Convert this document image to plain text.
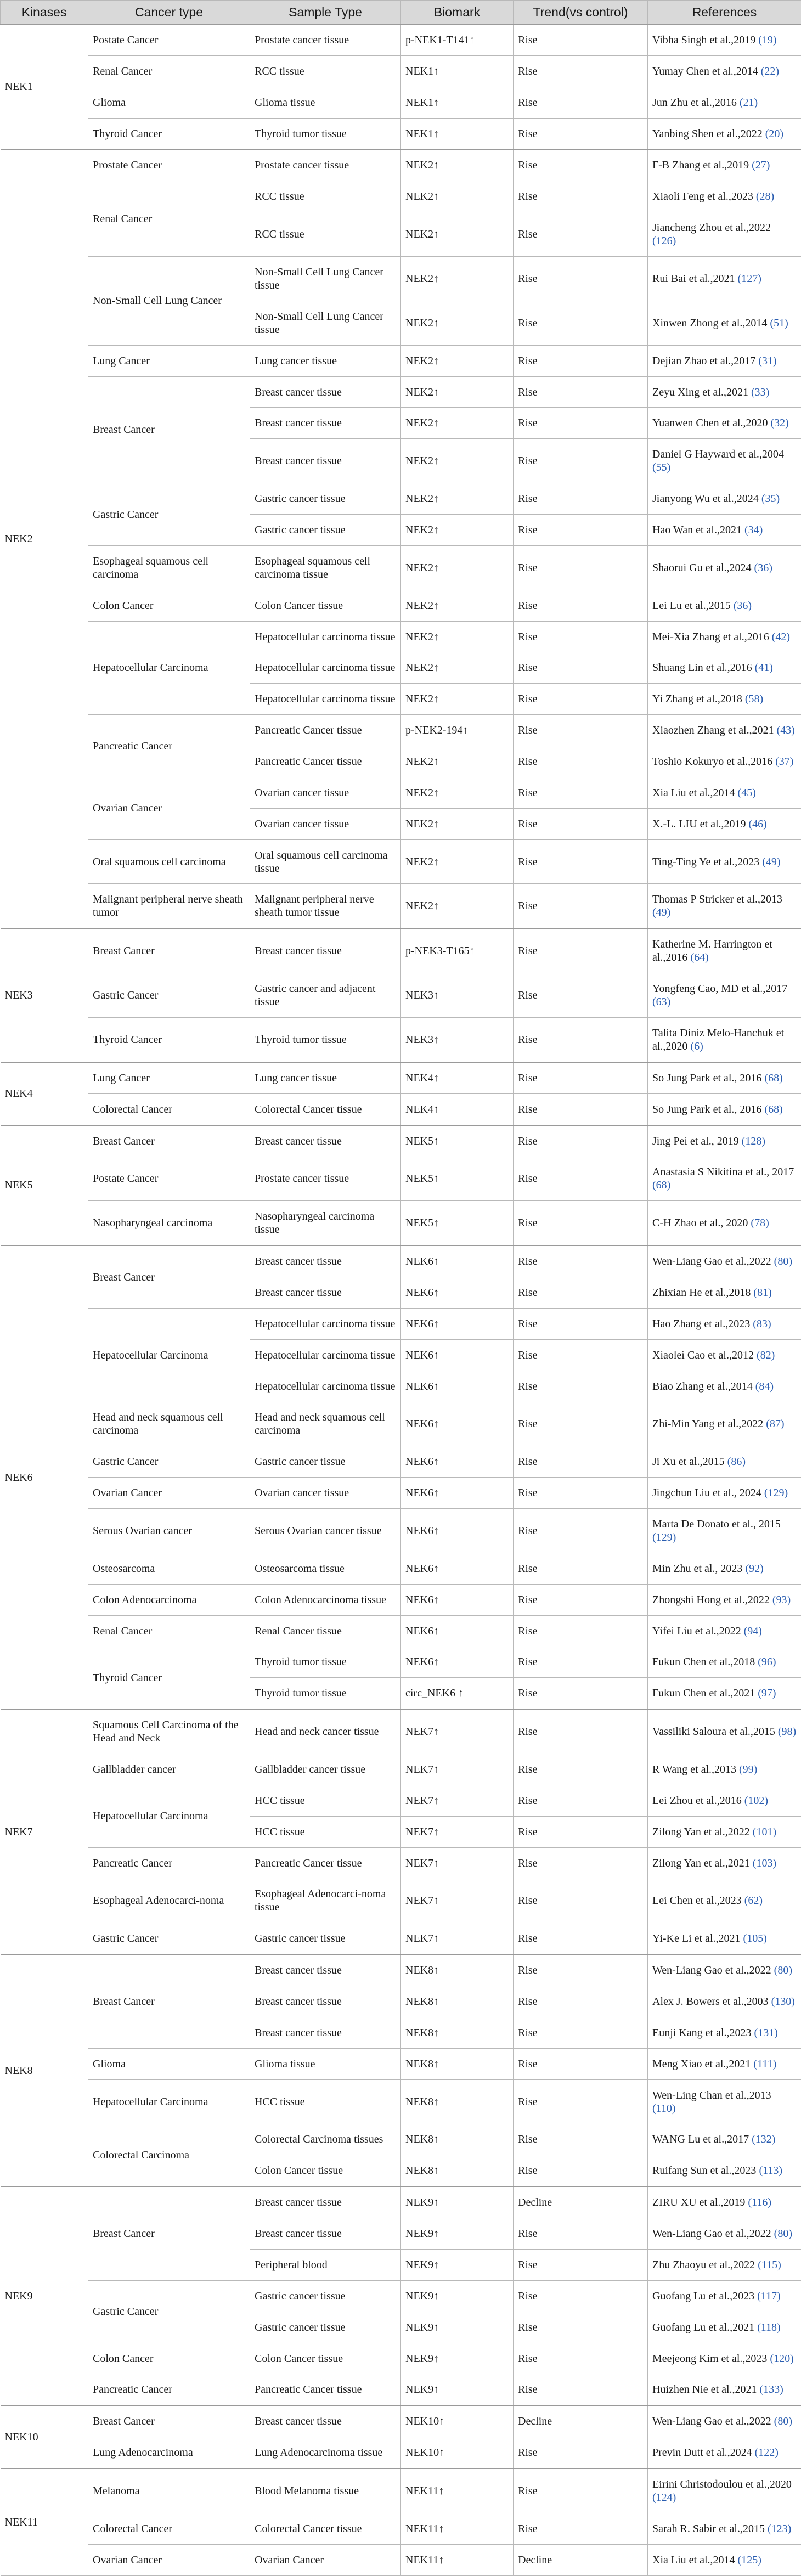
Kinases	Cancer type	Sample Type	Biomark	Trend(vs control)	References
NEK1	Postate Cancer	Prostate cancer tissue	p-NEK1-T141↑	Rise	Vibha Singh et al.,2019 (19)
	Renal Cancer	RCC tissue	NEK1↑	Rise	Yumay Chen et al.,2014 (22)
	Glioma	Glioma tissue	NEK1↑	Rise	Jun Zhu et al.,2016 (21)
	Thyroid Cancer	Thyroid tumor tissue	NEK1↑	Rise	Yanbing Shen et al.,2022 (20)
NEK2	Prostate Cancer	Prostate cancer tissue	NEK2↑	Rise	F-B Zhang et al.,2019 (27)
	Renal Cancer	RCC tissue	NEK2↑	Rise	Xiaoli Feng et al.,2023 (28)
		RCC tissue	NEK2↑	Rise	Jiancheng Zhou et al.,2022 (126)
	Non-Small Cell Lung Cancer	Non-Small Cell Lung Cancer tissue	NEK2↑	Rise	Rui Bai et al.,2021 (127)
		Non-Small Cell Lung Cancer tissue	NEK2↑	Rise	Xinwen Zhong et al.,2014 (51)
	Lung Cancer	Lung cancer tissue	NEK2↑	Rise	Dejian Zhao et al.,2017 (31)
	Breast Cancer	Breast cancer tissue	NEK2↑	Rise	Zeyu Xing et al.,2021 (33)
		Breast cancer tissue	NEK2↑	Rise	Yuanwen Chen et al.,2020 (32)
		Breast cancer tissue	NEK2↑	Rise	Daniel G Hayward et al.,2004 (55)
	Gastric Cancer	Gastric cancer tissue	NEK2↑	Rise	Jianyong Wu et al.,2024 (35)
		Gastric cancer tissue	NEK2↑	Rise	Hao Wan et al.,2021 (34)
	Esophageal squamous cell carcinoma	Esophageal squamous cell carcinoma tissue	NEK2↑	Rise	Shaorui Gu et al.,2024 (36)
	Colon Cancer	Colon Cancer tissue	NEK2↑	Rise	Lei Lu et al.,2015 (36)
	Hepatocellular Carcinoma	Hepatocellular carcinoma tissue	NEK2↑	Rise	Mei-Xia Zhang et al.,2016 (42)
		Hepatocellular carcinoma tissue	NEK2↑	Rise	Shuang Lin et al.,2016 (41)
		Hepatocellular carcinoma tissue	NEK2↑	Rise	Yi Zhang et al.,2018 (58)
	Pancreatic Cancer	Pancreatic Cancer tissue	p-NEK2-194↑	Rise	Xiaozhen Zhang et al.,2021 (43)
		Pancreatic Cancer tissue	NEK2↑	Rise	Toshio Kokuryo et al.,2016 (37)
	Ovarian Cancer	Ovarian cancer tissue	NEK2↑	Rise	Xia Liu et al.,2014 (45)
		Ovarian cancer tissue	NEK2↑	Rise	X.-L. LIU et al.,2019 (46)
	Oral squamous cell carcinoma	Oral squamous cell carcinoma tissue	NEK2↑	Rise	Ting-Ting Ye et al.,2023 (49)
	Malignant peripheral nerve sheath tumor	Malignant peripheral nerve sheath tumor tissue	NEK2↑	Rise	Thomas P Stricker et al.,2013 (49)
NEK3	Breast Cancer	Breast cancer tissue	p-NEK3-T165↑	Rise	Katherine M. Harrington et al.,2016 (64)
	Gastric Cancer	Gastric cancer and adjacent tissue	NEK3↑	Rise	Yongfeng Cao, MD et al.,2017 (63)
	Thyroid Cancer	Thyroid tumor tissue	NEK3↑	Rise	Talita Diniz Melo-Hanchuk et al.,2020 (6)
NEK4	Lung Cancer	Lung cancer tissue	NEK4↑	Rise	So Jung Park et al., 2016 (68)
	Colorectal Cancer	Colorectal Cancer tissue	NEK4↑	Rise	So Jung Park et al., 2016 (68)
NEK5	Breast Cancer	Breast cancer tissue	NEK5↑	Rise	Jing Pei et al., 2019 (128)
	Postate Cancer	Prostate cancer tissue	NEK5↑	Rise	Anastasia S Nikitina et al., 2017 (68)
	Nasopharyngeal carcinoma	Nasopharyngeal carcinoma tissue	NEK5↑	Rise	C-H Zhao et al., 2020 (78)
NEK6	Breast Cancer	Breast cancer tissue	NEK6↑	Rise	Wen-Liang Gao et al.,2022 (80)
		Breast cancer tissue	NEK6↑	Rise	Zhixian He et al.,2018 (81)
	Hepatocellular Carcinoma	Hepatocellular carcinoma tissue	NEK6↑	Rise	Hao Zhang et al.,2023 (83)
		Hepatocellular carcinoma tissue	NEK6↑	Rise	Xiaolei Cao et al.,2012 (82)
		Hepatocellular carcinoma tissue	NEK6↑	Rise	Biao Zhang et al.,2014 (84)
	Head and neck squamous cell carcinoma	Head and neck squamous cell carcinoma	NEK6↑	Rise	Zhi-Min Yang et al.,2022 (87)
	Gastric Cancer	Gastric cancer tissue	NEK6↑	Rise	Ji Xu et al.,2015 (86)
	Ovarian Cancer	Ovarian cancer tissue	NEK6↑	Rise	Jingchun Liu et al., 2024 (129)
	Serous Ovarian cancer	Serous Ovarian cancer tissue	NEK6↑	Rise	Marta De Donato et al., 2015 (129)
	Osteosarcoma	Osteosarcoma tissue	NEK6↑	Rise	Min Zhu et al., 2023 (92)
	Colon Adenocarcinoma	Colon Adenocarcinoma tissue	NEK6↑	Rise	Zhongshi Hong et al.,2022 (93)
	Renal Cancer	Renal Cancer tissue	NEK6↑	Rise	Yifei Liu et al.,2022 (94)
	Thyroid Cancer	Thyroid tumor tissue	NEK6↑	Rise	Fukun Chen et al.,2018 (96)
		Thyroid tumor tissue	circ_NEK6 ↑	Rise	Fukun Chen et al.,2021 (97)
NEK7	Squamous Cell Carcinoma of the Head and Neck	Head and neck cancer tissue	NEK7↑	Rise	Vassiliki Saloura et al.,2015 (98)
	Gallbladder cancer	Gallbladder cancer tissue	NEK7↑	Rise	R Wang et al.,2013 (99)
	Hepatocellular Carcinoma	HCC tissue	NEK7↑	Rise	Lei Zhou et al.,2016 (102)
		HCC tissue	NEK7↑	Rise	Zilong Yan et al.,2022 (101)
	Pancreatic Cancer	Pancreatic Cancer tissue	NEK7↑	Rise	Zilong Yan et al.,2021 (103)
	Esophageal Adenocarci-noma	Esophageal Adenocarci-noma tissue	NEK7↑	Rise	Lei Chen et al.,2023 (62)
	Gastric Cancer	Gastric cancer tissue	NEK7↑	Rise	Yi-Ke Li et al.,2021 (105)
NEK8	Breast Cancer	Breast cancer tissue	NEK8↑	Rise	Wen-Liang Gao et al.,2022 (80)
		Breast cancer tissue	NEK8↑	Rise	Alex J. Bowers et al.,2003 (130)
		Breast cancer tissue	NEK8↑	Rise	Eunji Kang et al.,2023 (131)
	Glioma	Glioma tissue	NEK8↑	Rise	Meng Xiao et al.,2021 (111)
	Hepatocellular Carcinoma	HCC tissue	NEK8↑	Rise	Wen-Ling Chan et al.,2013 (110)
	Colorectal Carcinoma	Colorectal Carcinoma tissues	NEK8↑	Rise	WANG Lu et al.,2017 (132)
		Colon Cancer tissue	NEK8↑	Rise	Ruifang Sun et al.,2023 (113)
NEK9	Breast Cancer	Breast cancer tissue	NEK9↑	Decline	ZIRU XU et al.,2019 (116)
		Breast cancer tissue	NEK9↑	Rise	Wen-Liang Gao et al.,2022 (80)
		Peripheral blood	NEK9↑	Rise	Zhu Zhaoyu et al.,2022 (115)
	Gastric Cancer	Gastric cancer tissue	NEK9↑	Rise	Guofang Lu et al.,2023 (117)
		Gastric cancer tissue	NEK9↑	Rise	Guofang Lu et al.,2021 (118)
	Colon Cancer	Colon Cancer tissue	NEK9↑	Rise	Meejeong Kim et al.,2023 (120)
	Pancreatic Cancer	Pancreatic Cancer tissue	NEK9↑	Rise	Huizhen Nie et al.,2021 (133)
NEK10	Breast Cancer	Breast cancer tissue	NEK10↑	Decline	Wen-Liang Gao et al.,2022 (80)
	Lung Adenocarcinoma	Lung Adenocarcinoma tissue	NEK10↑	Rise	Previn Dutt et al.,2024 (122)
NEK11	Melanoma	Blood Melanoma tissue	NEK11↑	Rise	Eirini Christodoulou et al.,2020 (124)
	Colorectal Cancer	Colorectal Cancer tissue	NEK11↑	Rise	Sarah R. Sabir et al.,2015 (123)
	Ovarian Cancer	Ovarian Cancer	NEK11↑	Decline	Xia Liu et al.,2014 (125)
